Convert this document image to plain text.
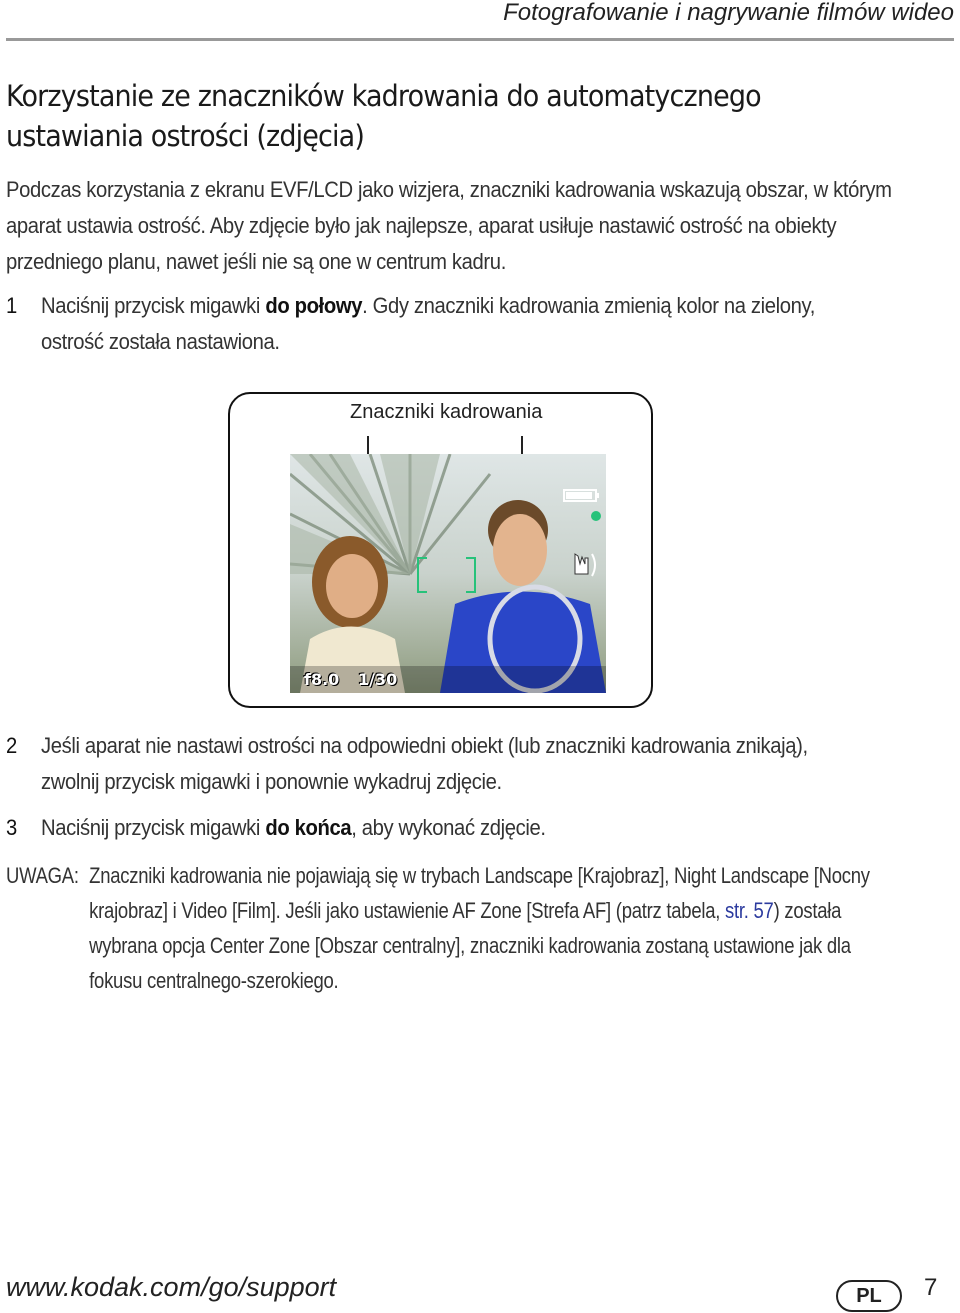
Fotografowanie i nagrywanie filmów wideo
Korzystanie ze znaczników kadrowania do automatycznego ustawiania ostrości (zdjęcia)
Podczas korzystania z ekranu EVF/LCD jako wizjera, znaczniki kadrowania wskazują obszar, w którym aparat ustawia ostrość. Aby zdjęcie było jak najlepsze, aparat usiłuje nastawić ostrość na obiekty przedniego planu, nawet jeśli nie są one w centrum kadru.
1 Naciśnij przycisk migawki do połowy. Gdy znaczniki kadrowania zmienią kolor na zielony,
ostrość została nastawiona.
Znaczniki kadrowania
f8.0 1/30
2 Jeśli aparat nie nastawi ostrości na odpowiedni obiekt (lub znaczniki kadrowania znikają),
zwolnij przycisk migawki i ponownie wykadruj zdjęcie.
3 Naciśnij przycisk migawki do końca, aby wykonać zdjęcie.
UWAGA: Znaczniki kadrowania nie pojawiają się w trybach Landscape [Krajobraz], Night Landscape [Nocny krajobraz] i Video [Film]. Jeśli jako ustawienie AF Zone [Strefa AF] (patrz tabela, str. 57) została wybrana opcja Center Zone [Obszar centralny], znaczniki kadrowania zostaną ustawione jak dla fokusu centralnego-szerokiego.
www.kodak.com/go/support	PL	7
